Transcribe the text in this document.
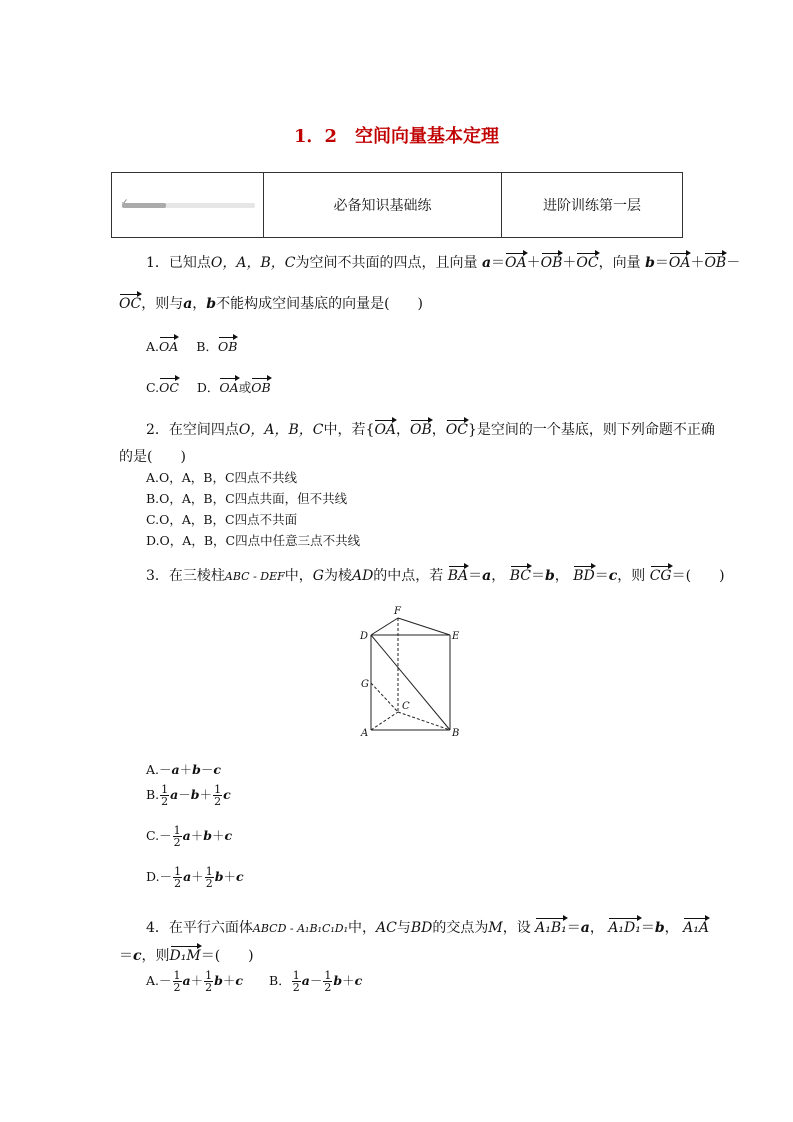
1．2　空间向量基本定理
	必备知识基础练	进阶训练第一层
1．已知点O，A，B，C为空间不共面的四点，且向量 a＝OA＋OB＋OC，向量 b＝OA＋OB－
OC，则与a，b不能构成空间基底的向量是(　　)
A.OA B．OB
C.OC D．OA或OB
2．在空间四点O，A，B，C中，若{OA，OB，OC}是空间的一个基底，则下列命题不正确
的是(　　)
A.O，A，B，C四点不共线
B.O，A，B，C四点共面，但不共线
C.O，A，B，C四点不共面
D.O，A，B，C四点中任意三点不共线
3．在三棱柱ABC - DEF中，G为棱AD的中点，若 BA＝a， BC＝b， BD＝c，则 CG＝(　　)
F
D	E
G
C
A	B
A.－a＋b－c
B. $\frac{1}{2} a-b+ \frac{1}{2}$ c
$C.- \frac{1}{2} a+b+c$
$D.- \frac{1}{2} a+ \frac{1}{2} b+c$
4．在平行六面体ABCD - A₁B₁C₁D₁中，AC与BD的交点为M，设 A₁B₁＝a， A₁D₁＝b， A₁A
＝c，则D₁M＝(　　)
$A.- \frac{1}{2} a+ \frac{1}{2} b+c$ B． $\frac{1}{2} a- \frac{1}{2} b+c$
